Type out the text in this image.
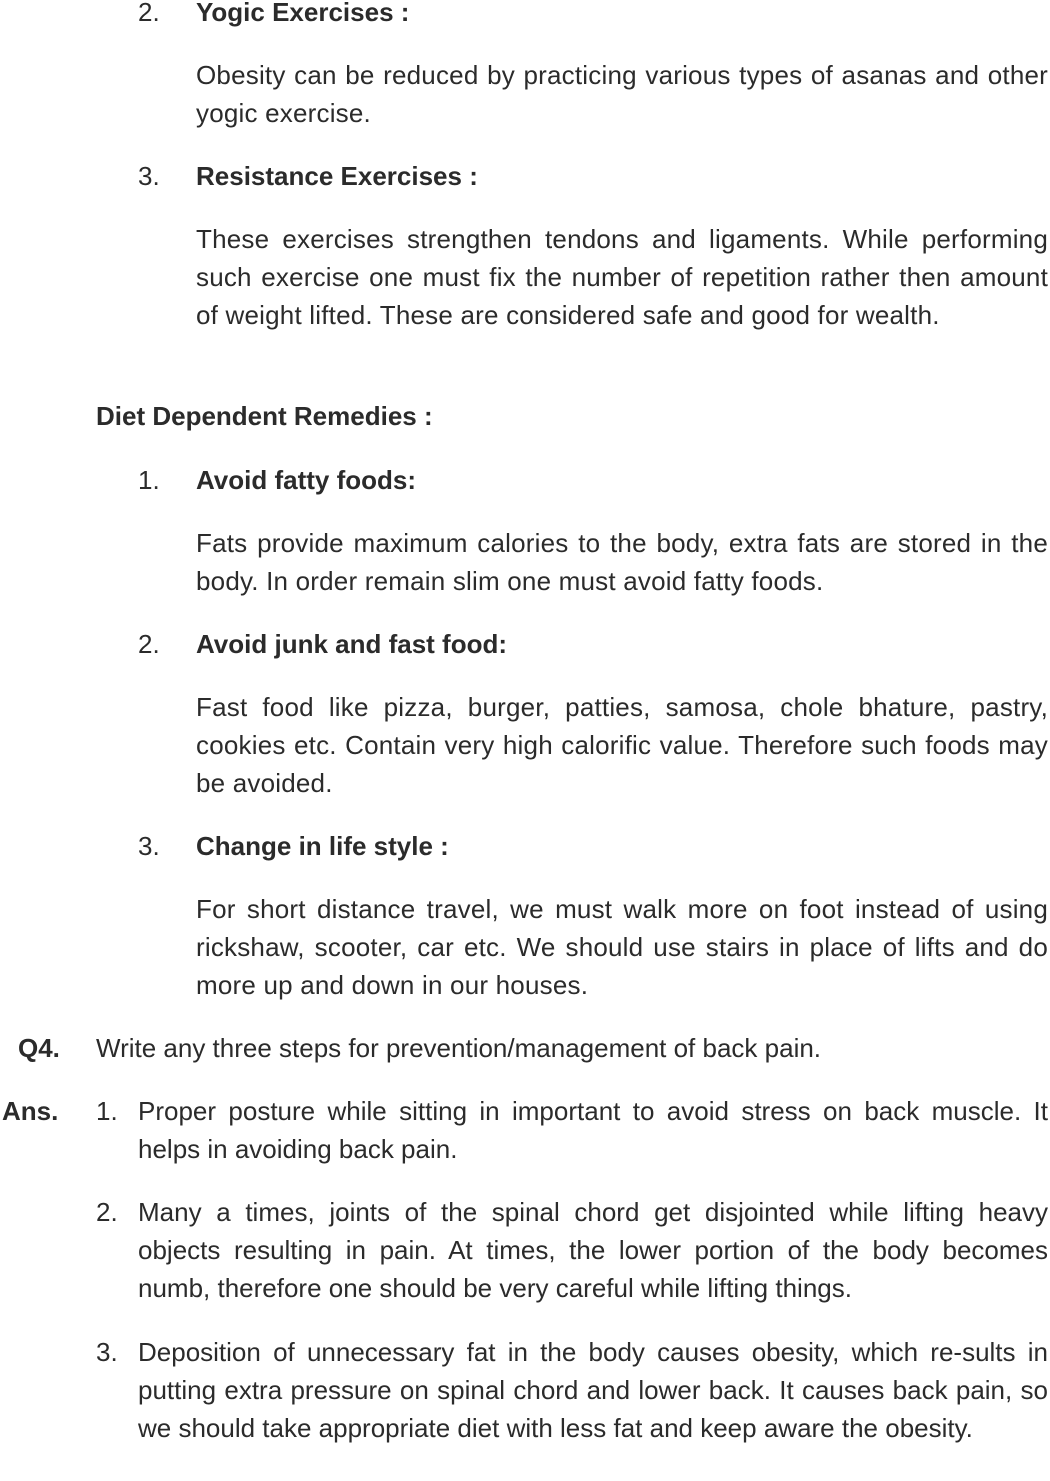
2. Yogic Exercises :
Obesity can be reduced by practicing various types of asanas and other yogic exercise.
3. Resistance Exercises :
These exercises strengthen tendons and ligaments. While performing such exercise one must fix the number of repetition rather then amount of weight lifted. These are considered safe and good for wealth.
Diet Dependent Remedies :
1. Avoid fatty foods:
Fats provide maximum calories to the body, extra fats are stored in the body. In order remain slim one must avoid fatty foods.
2. Avoid junk and fast food:
Fast food like pizza, burger, patties, samosa, chole bhature, pastry, cookies etc. Contain very high calorific value. Therefore such foods may be avoided.
3. Change in life style :
For short distance travel, we must walk more on foot instead of using rickshaw, scooter, car etc. We should use stairs in place of lifts and do more up and down in our houses.
Q4. Write any three steps for prevention/management of back pain.
Ans. 1. Proper posture while sitting in important to avoid stress on back muscle. It helps in avoiding back pain.
2. Many a times, joints of the spinal chord get disjointed while lifting heavy objects resulting in pain. At times, the lower portion of the body becomes numb, therefore one should be very careful while lifting things.
3. Deposition of unnecessary fat in the body causes obesity, which re-sults in putting extra pressure on spinal chord and lower back. It causes back pain, so we should take appropriate diet with less fat and keep aware the obesity.
